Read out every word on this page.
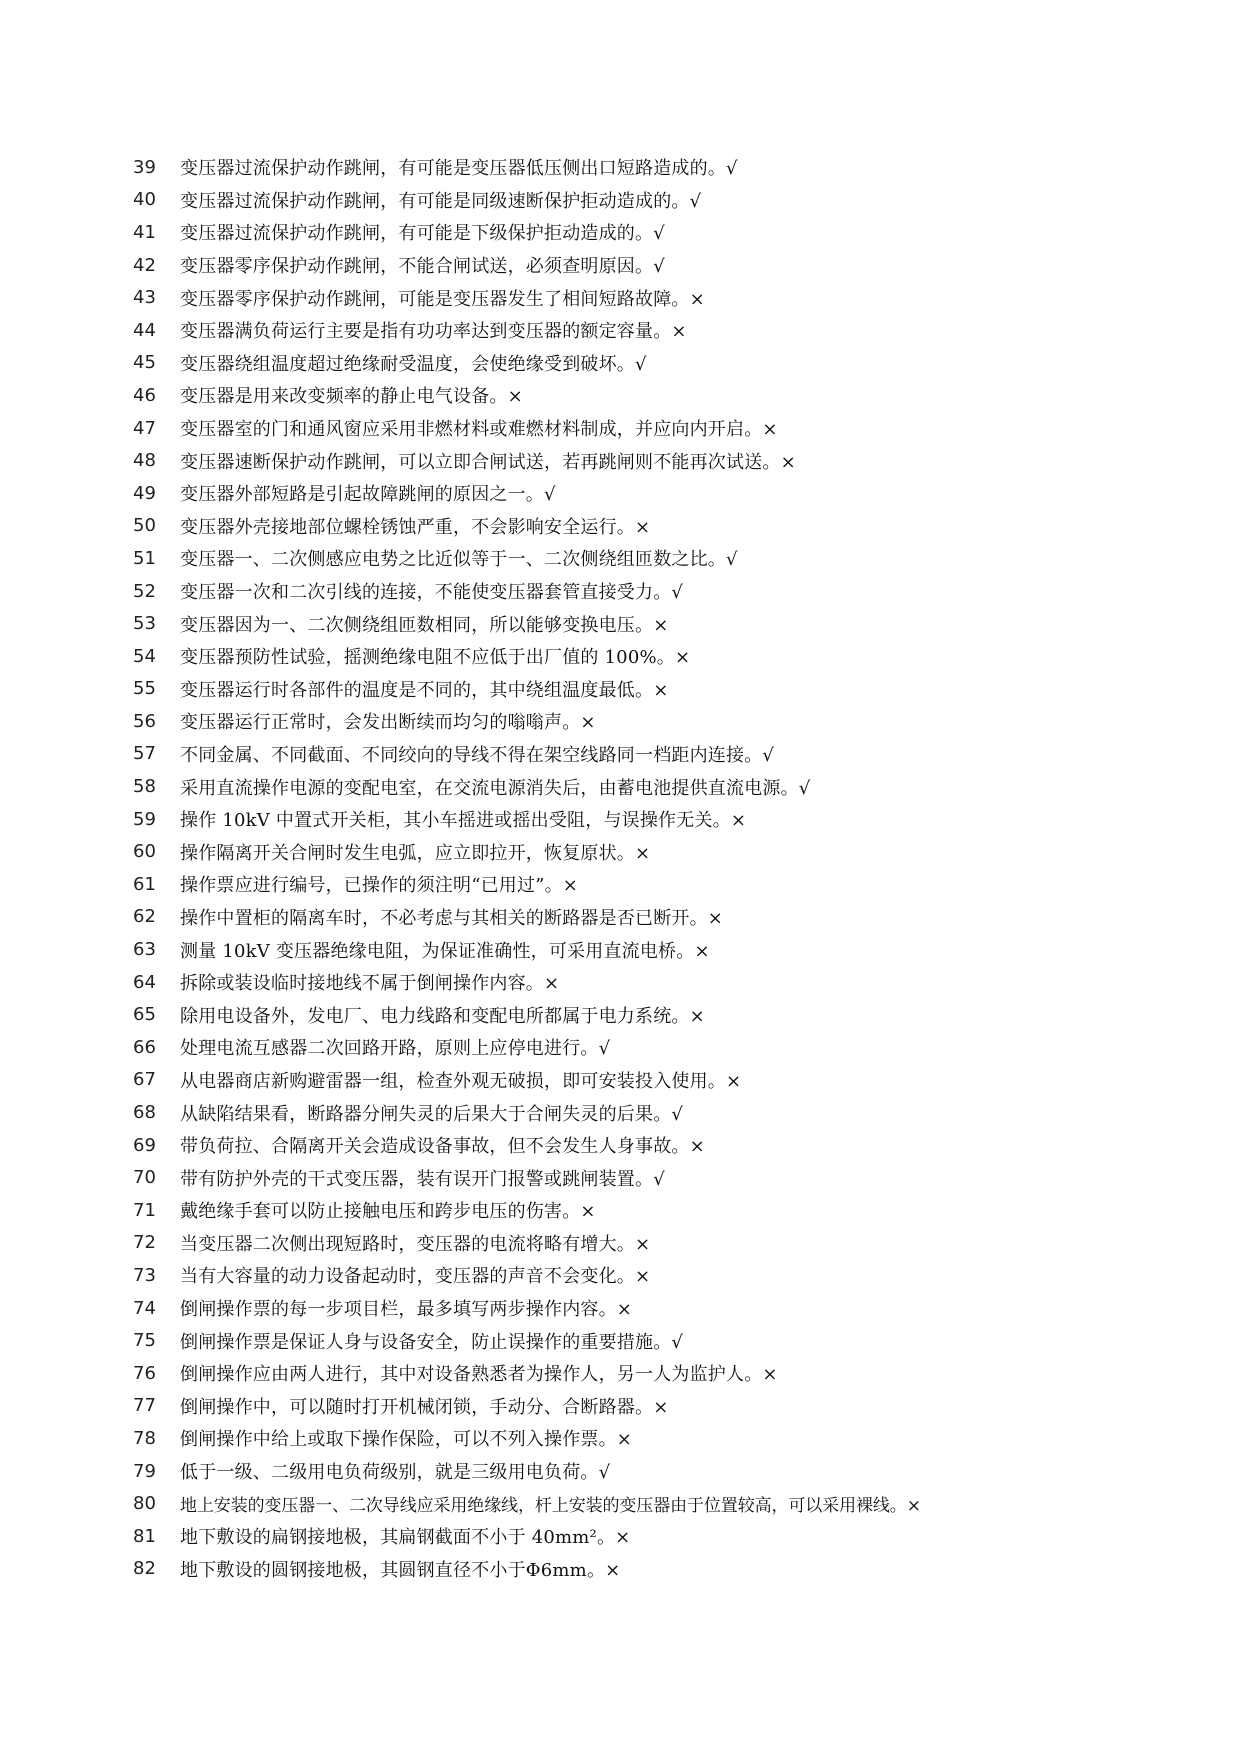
39	变压器过流保护动作跳闸，有可能是变压器低压侧出口短路造成的。√
40	变压器过流保护动作跳闸，有可能是同级速断保护拒动造成的。√
41	变压器过流保护动作跳闸，有可能是下级保护拒动造成的。√
42	变压器零序保护动作跳闸，不能合闸试送，必须查明原因。√
43	变压器零序保护动作跳闸，可能是变压器发生了相间短路故障。×
44	变压器满负荷运行主要是指有功功率达到变压器的额定容量。×
45	变压器绕组温度超过绝缘耐受温度，会使绝缘受到破坏。√
46	变压器是用来改变频率的静止电气设备。×
47	变压器室的门和通风窗应采用非燃材料或难燃材料制成，并应向内开启。×
48	变压器速断保护动作跳闸，可以立即合闸试送，若再跳闸则不能再次试送。×
49	变压器外部短路是引起故障跳闸的原因之一。√
50	变压器外壳接地部位螺栓锈蚀严重，不会影响安全运行。×
51	变压器一、二次侧感应电势之比近似等于一、二次侧绕组匝数之比。√
52	变压器一次和二次引线的连接，不能使变压器套管直接受力。√
53	变压器因为一、二次侧绕组匝数相同，所以能够变换电压。×
54	变压器预防性试验，摇测绝缘电阻不应低于出厂值的 100%。×
55	变压器运行时各部件的温度是不同的，其中绕组温度最低。×
56	变压器运行正常时，会发出断续而均匀的嗡嗡声。×
57	不同金属、不同截面、不同绞向的导线不得在架空线路同一档距内连接。√
58	采用直流操作电源的变配电室，在交流电源消失后，由蓄电池提供直流电源。√
59	操作 10kV 中置式开关柜，其小车摇进或摇出受阻，与误操作无关。×
60	操作隔离开关合闸时发生电弧，应立即拉开，恢复原状。×
61	操作票应进行编号，已操作的须注明“已用过”。×
62	操作中置柜的隔离车时，不必考虑与其相关的断路器是否已断开。×
63	测量 10kV 变压器绝缘电阻，为保证准确性，可采用直流电桥。×
64	拆除或装设临时接地线不属于倒闸操作内容。×
65	除用电设备外，发电厂、电力线路和变配电所都属于电力系统。×
66	处理电流互感器二次回路开路，原则上应停电进行。√
67	从电器商店新购避雷器一组，检查外观无破损，即可安装投入使用。×
68	从缺陷结果看，断路器分闸失灵的后果大于合闸失灵的后果。√
69	带负荷拉、合隔离开关会造成设备事故，但不会发生人身事故。×
70	带有防护外壳的干式变压器，装有误开门报警或跳闸装置。√
71	戴绝缘手套可以防止接触电压和跨步电压的伤害。×
72	当变压器二次侧出现短路时，变压器的电流将略有增大。×
73	当有大容量的动力设备起动时，变压器的声音不会变化。×
74	倒闸操作票的每一步项目栏，最多填写两步操作内容。×
75	倒闸操作票是保证人身与设备安全，防止误操作的重要措施。√
76	倒闸操作应由两人进行，其中对设备熟悉者为操作人，另一人为监护人。×
77	倒闸操作中，可以随时打开机械闭锁，手动分、合断路器。×
78	倒闸操作中给上或取下操作保险，可以不列入操作票。×
79	低于一级、二级用电负荷级别，就是三级用电负荷。√
80	地上安装的变压器一、二次导线应采用绝缘线，杆上安装的变压器由于位置较高，可以采用裸线。×
81	地下敷设的扁钢接地极，其扁钢截面不小于 40mm²。×
82	地下敷设的圆钢接地极，其圆钢直径不小于Φ6mm。×
